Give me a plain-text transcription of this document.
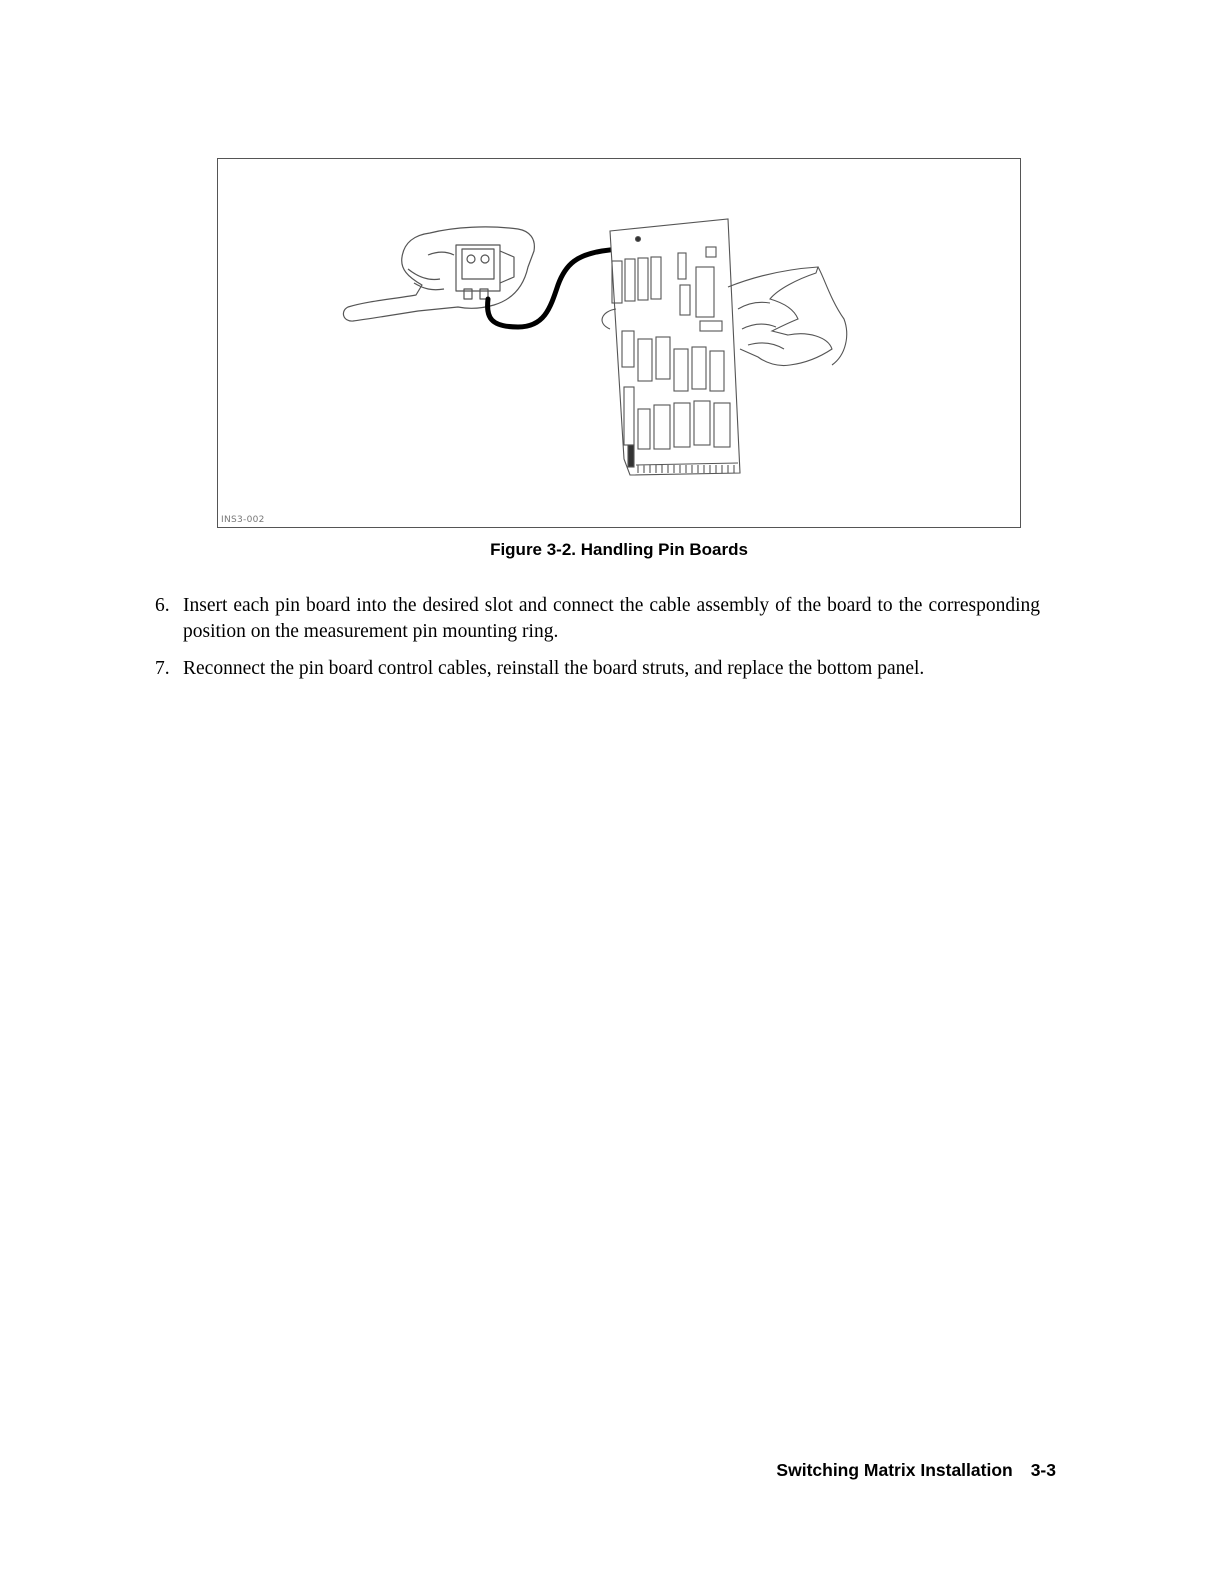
INS3-002
Figure 3-2. Handling Pin Boards
6. Insert each pin board into the desired slot and connect the cable assembly of the board to the corresponding position on the measurement pin mounting ring.
7. Reconnect the pin board control cables, reinstall the board struts, and replace the bottom panel.
Switching Matrix Installation 3-3
